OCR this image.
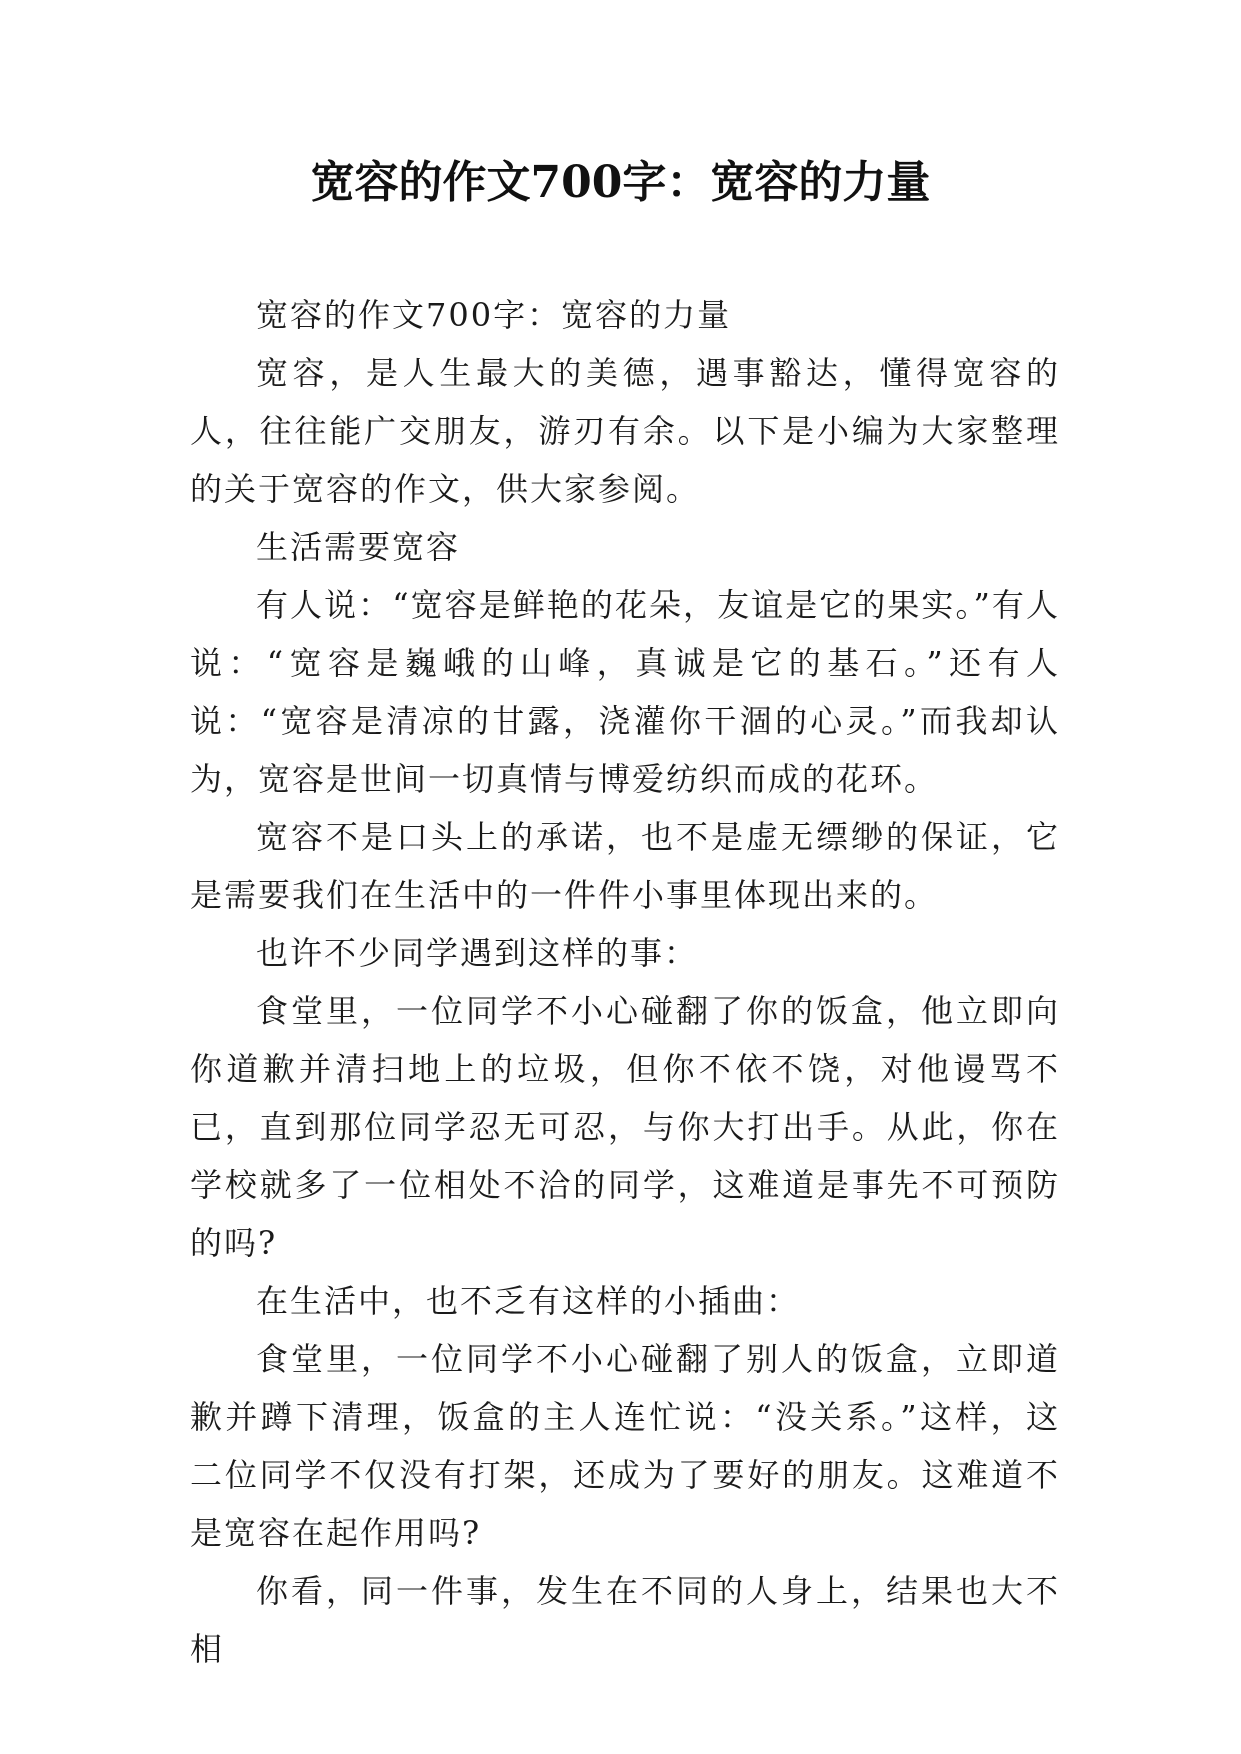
宽容的作文700字：宽容的力量

宽容的作文700字：宽容的力量

宽容，是人生最大的美德，遇事豁达，懂得宽容的人，往往能广交朋友，游刃有余。以下是小编为大家整理的关于宽容的作文，供大家参阅。

生活需要宽容

有人说：“宽容是鲜艳的花朵，友谊是它的果实。”有人说：“宽容是巍峨的山峰，真诚是它的基石。”还有人说：“宽容是清凉的甘露，浇灌你干涸的心灵。”而我却认为，宽容是世间一切真情与博爱纺织而成的花环。

宽容不是口头上的承诺，也不是虚无缥缈的保证，它是需要我们在生活中的一件件小事里体现出来的。

也许不少同学遇到这样的事：

食堂里，一位同学不小心碰翻了你的饭盒，他立即向你道歉并清扫地上的垃圾，但你不依不饶，对他谩骂不已，直到那位同学忍无可忍，与你大打出手。从此，你在学校就多了一位相处不洽的同学，这难道是事先不可预防的吗?

在生活中，也不乏有这样的小插曲：

食堂里，一位同学不小心碰翻了别人的饭盒，立即道歉并蹲下清理，饭盒的主人连忙说：“没关系。”这样，这二位同学不仅没有打架，还成为了要好的朋友。这难道不是宽容在起作用吗?

你看，同一件事，发生在不同的人身上，结果也大不相
